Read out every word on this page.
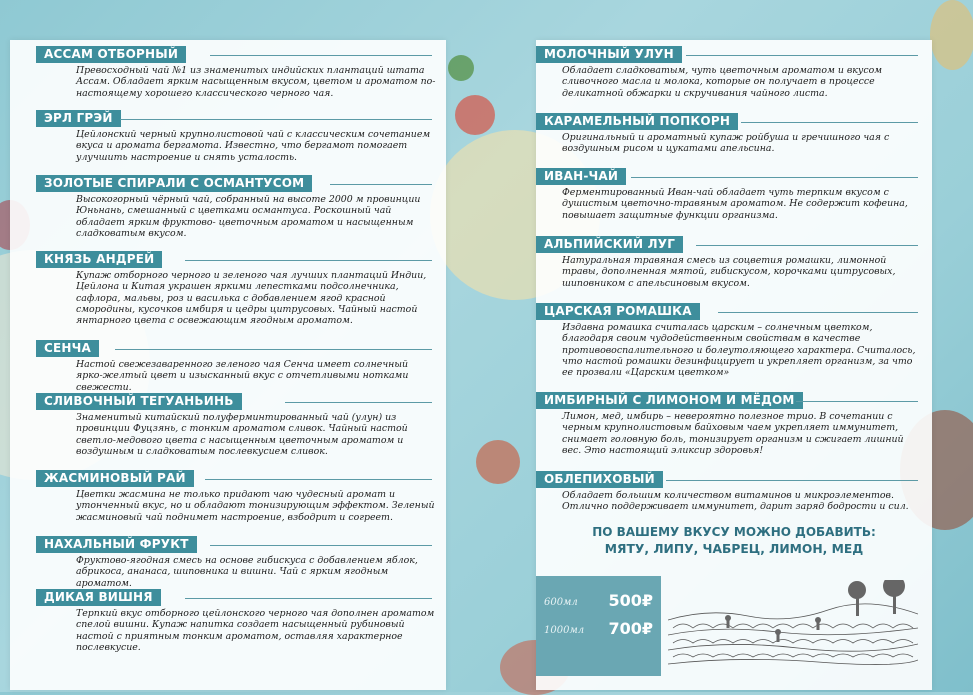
АССАМ ОТБОРНЫЙ
Превосходный чай №1 из знаменитых индийских плантаций штата Ассам. Обладает ярким насыщенным вкусом, цветом и ароматом по-настоящему хорошего классического черного чая.
ЭРЛ ГРЭЙ
Цейлонский черный крупнолистовой чай с классическим сочетанием вкуса и аромата бергамота. Известно, что бергамот помогает улучшить настроение и снять усталость.
ЗОЛОТЫЕ СПИРАЛИ С ОСМАНТУСОМ
Высокогорный чёрный чай, собранный на высоте 2000 м провинции Юньнань, смешанный с цветками османтуса. Роскошный чай обладает ярким фруктово- цветочным ароматом и насыщенным сладковатым вкусом.
КНЯЗЬ АНДРЕЙ
Купаж отборного черного и зеленого чая лучших плантаций Индии, Цейлона и Китая украшен яркими лепестками подсолнечника, сафлора, мальвы, роз и василька с добавлением ягод красной смородины, кусочков имбиря и цедры цитрусовых. Чайный настой янтарного цвета с освежающим ягодным ароматом.
СЕНЧА
Настой свежезаваренного зеленого чая Сенча имеет солнечный ярко-желтый цвет и изысканный вкус с отчетливыми нотками свежести.
СЛИВОЧНЫЙ ТЕГУАНЬИНЬ
Знаменитый китайский полуферминтированный чай (улун) из провинции Фуцзянь, с тонким ароматом сливок. Чайный настой светло-медового цвета с насыщенным цветочным ароматом и воздушным и сладковатым послевкусием сливок.
ЖАСМИНОВЫЙ РАЙ
Цветки жасмина не только придают чаю чудесный аромат и утонченный вкус, но и обладают тонизирующим эффектом. Зеленый жасминовый чай поднимет настроение, взбодрит и согреет.
НАХАЛЬНЫЙ ФРУКТ
Фруктово-ягодная смесь на основе гибискуса с добавлением яблок, абрикоса, ананаса, шиповника и вишни. Чай с ярким ягодным ароматом.
ДИКАЯ ВИШНЯ
Терпкий вкус отборного цейлонского черного чая дополнен ароматом спелой вишни. Купаж напитка создает насыщенный рубиновый настой с приятным тонким ароматом, оставляя характерное послевкусие.
МОЛОЧНЫЙ УЛУН
Обладает сладковатым, чуть цветочным ароматом и вкусом сливочного масла и молока, которые он получает в процессе деликатной обжарки и скручивания чайного листа.
КАРАМЕЛЬНЫЙ ПОПКОРН
Оригинальный и ароматный купаж ройбуша и гречишного чая с воздушным рисом и цукатами апельсина.
ИВАН-ЧАЙ
Ферментированный Иван-чай обладает чуть терпким вкусом с душистым цветочно-травяным ароматом. Не содержит кофеина, повышает защитные функции организма.
АЛЬПИЙСКИЙ ЛУГ
Натуральная травяная смесь из соцветия ромашки, лимонной травы, дополненная мятой, гибискусом, корочками цитрусовых, шиповником с апельсиновым вкусом.
ЦАРСКАЯ РОМАШКА
Издавна ромашка считалась царским – солнечным цветком, благодаря своим чудодейственным свойствам в качестве противовоспалительного и болеутоляющего характера. Считалось, что настой ромашки дезинфицирует и укрепляет организм, за что ее прозвали «Царским цветком»
ИМБИРНЫЙ С ЛИМОНОМ И МЁДОМ
Лимон, мед, имбирь – невероятно полезное трио. В сочетании с черным крупнолистовым байховым чаем укрепляет иммунитет, снимает головную боль, тонизирует организм и сжигает лишний вес. Это настоящий эликсир здоровья!
ОБЛЕПИХОВЫЙ
Обладает большим количеством витаминов и микроэлементов. Отлично поддерживает иммунитет, дарит заряд бодрости и сил.
ПО ВАШЕМУ ВКУСУ МОЖНО ДОБАВИТЬ:
МЯТУ, ЛИПУ, ЧАБРЕЦ, ЛИМОН, МЕД
600мл 500₽
1000мл 700₽
